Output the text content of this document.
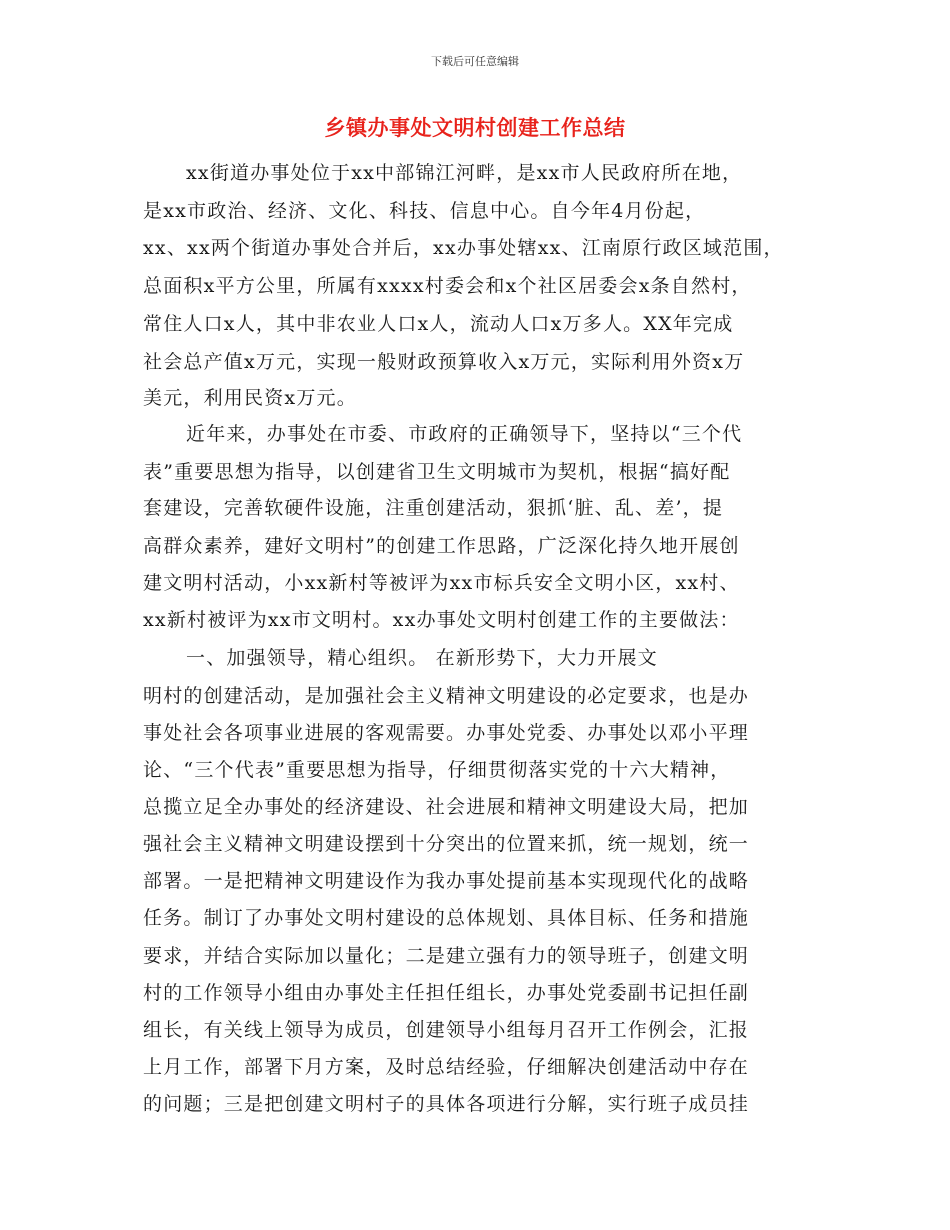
下载后可任意编辑
乡镇办事处文明村创建工作总结
xx街道办事处位于xx中部锦江河畔，是xx市人民政府所在地，
是xx市政治、经济、文化、科技、信息中心。自今年4月份起，
xx、xx两个街道办事处合并后，xx办事处辖xx、江南原行政区域范围，
总面积x平方公里，所属有xxxx村委会和x个社区居委会x条自然村，
常住人口x人，其中非农业人口x人，流动人口x万多人。XX年完成
社会总产值x万元，实现一般财政预算收入x万元，实际利用外资x万
美元，利用民资x万元。
近年来，办事处在市委、市政府的正确领导下，坚持以“三个代
表”重要思想为指导，以创建省卫生文明城市为契机，根据“搞好配
套建设，完善软硬件设施，注重创建活动，狠抓‘脏、乱、差’，提
高群众素养，建好文明村”的创建工作思路，广泛深化持久地开展创
建文明村活动，小xx新村等被评为xx市标兵安全文明小区，xx村、
xx新村被评为xx市文明村。xx办事处文明村创建工作的主要做法：
一、加强领导，精心组织。 在新形势下，大力开展文
明村的创建活动，是加强社会主义精神文明建设的必定要求，也是办
事处社会各项事业进展的客观需要。办事处党委、办事处以邓小平理
论、“三个代表”重要思想为指导，仔细贯彻落实党的十六大精神，
总揽立足全办事处的经济建设、社会进展和精神文明建设大局，把加
强社会主义精神文明建设摆到十分突出的位置来抓，统一规划，统一
部署。一是把精神文明建设作为我办事处提前基本实现现代化的战略
任务。制订了办事处文明村建设的总体规划、具体目标、任务和措施
要求，并结合实际加以量化；二是建立强有力的领导班子，创建文明
村的工作领导小组由办事处主任担任组长，办事处党委副书记担任副
组长，有关线上领导为成员，创建领导小组每月召开工作例会，汇报
上月工作，部署下月方案，及时总结经验，仔细解决创建活动中存在
的问题；三是把创建文明村子的具体各项进行分解，实行班子成员挂
